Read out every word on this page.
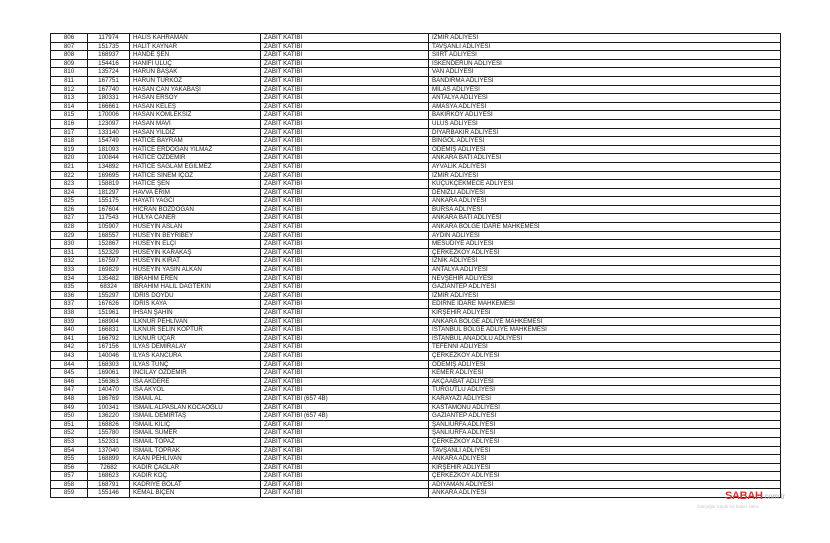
806	117974	HALİS KAHRAMAN	ZABIT KATİBİ	İZMİR ADLİYESİ
807	151735	HALİT KAYNAR	ZABIT KATİBİ	TAVŞANLI ADLİYESİ
808	168937	HANDE ŞEN	ZABIT KATİBİ	SİİRT ADLİYESİ
809	154416	HANİFİ ULUÇ	ZABIT KATİBİ	İSKENDERUN ADLİYESİ
810	135724	HARUN BAŞAK	ZABIT KATİBİ	VAN ADLİYESİ
811	167751	HARUN TÜRKÖZ	ZABIT KATİBİ	BANDIRMA ADLİYESİ
812	167740	HASAN CAN YAKABAŞI	ZABIT KATİBİ	MİLAS ADLİYESİ
813	180331	HASAN ERSOY	ZABIT KATİBİ	ANTALYA ADLİYESİ
814	166661	HASAN KELEŞ	ZABIT KATİBİ	AMASYA ADLİYESİ
815	170006	HASAN KÖMLEKSİZ	ZABIT KATİBİ	BAKIRKÖY ADLİYESİ
816	123097	HASAN MAVİ	ZABIT KATİBİ	ULUS ADLİYESİ
817	133140	HASAN YILDIZ	ZABIT KATİBİ	DİYARBAKIR ADLİYESİ
818	154749	HATİCE BAYRAM	ZABIT KATİBİ	BİNGÖL ADLİYESİ
819	181093	HATİCE ERDOĞAN YILMAZ	ZABIT KATİBİ	ÖDEMİŞ ADLİYESİ
820	100844	HATİCE ÖZDEMİR	ZABIT KATİBİ	ANKARA BATI ADLİYESİ
821	134892	HATİCE SAĞLAM EĞİLMEZ	ZABIT KATİBİ	AYVALIK ADLİYESİ
822	169695	HATİCE SİNEM İÇÖZ	ZABIT KATİBİ	İZMİR ADLİYESİ
823	158819	HATİCE ŞEN	ZABIT KATİBİ	KÜÇÜKÇEKMECE ADLİYESİ
824	181297	HAVVA ERİM	ZABIT KATİBİ	DENİZLİ ADLİYESİ
825	155175	HAYATİ YAĞCI	ZABIT KATİBİ	ANKARA ADLİYESİ
826	167604	HİCRAN BOZDOĞAN	ZABIT KATİBİ	BURSA ADLİYESİ
827	117543	HÜLYA CANER	ZABIT KATİBİ	ANKARA BATI ADLİYESİ
828	105907	HÜSEYİN ASLAN	ZABIT KATİBİ	ANKARA BÖLGE İDARE MAHKEMESİ
829	168557	HÜSEYİN BEYRİBEY	ZABIT KATİBİ	AYDIN ADLİYESİ
830	152867	HÜSEYİN ELÇİ	ZABIT KATİBİ	MESUDİYE ADLİYESİ
831	152329	HÜSEYİN KARAKAŞ	ZABIT KATİBİ	ÇERKEZKÖY ADLİYESİ
832	167597	HÜSEYİN KIRAT	ZABIT KATİBİ	İZNİK ADLİYESİ
833	169829	HÜSEYİN YASİN ALKAN	ZABIT KATİBİ	ANTALYA ADLİYESİ
834	135482	İBRAHİM EREN	ZABIT KATİBİ	NEVŞEHİR ADLİYESİ
835	68324	İBRAHİM HALİL DAĞTEKİN	ZABIT KATİBİ	GAZİANTEP ADLİYESİ
836	155297	İDRİS DOYDU	ZABIT KATİBİ	İZMİR ADLİYESİ
837	167626	İDRİS KAYA	ZABIT KATİBİ	EDİRNE İDARE MAHKEMESİ
838	151961	İHSAN ŞAHİN	ZABIT KATİBİ	KIRŞEHİR ADLİYESİ
839	168904	İLKNUR PEHLİVAN	ZABIT KATİBİ	ANKARA BÖLGE ADLİYE MAHKEMESİ
840	166831	İLKNUR SELİN KOPTUR	ZABIT KATİBİ	İSTANBUL BÖLGE ADLİYE MAHKEMESİ
841	166792	İLKNUR UÇAR	ZABIT KATİBİ	İSTANBUL ANADOLU ADLİYESİ
842	167156	İLYAS DEMİRALAY	ZABIT KATİBİ	TEFENNİ ADLİYESİ
843	140046	İLYAS KANCURA	ZABIT KATİBİ	ÇERKEZKÖY ADLİYESİ
844	168303	İLYAS TUNÇ	ZABIT KATİBİ	ÖDEMİŞ ADLİYESİ
845	169061	İNCİLAY ÖZDEMİR	ZABIT KATİBİ	KEMER ADLİYESİ
846	156363	İSA AKDERE	ZABIT KATİBİ	AKÇAABAT ADLİYESİ
847	140470	İSA AKYOL	ZABIT KATİBİ	TURGUTLU ADLİYESİ
848	186769	İSMAİL AL	ZABIT KATİBİ (657 4B)	KARAYAZI ADLİYESİ
849	100341	İSMAİL ALPASLAN KOCAOĞLU	ZABIT KATİBİ	KASTAMONU ADLİYESİ
850	136220	İSMAİL DEMİRTAŞ	ZABIT KATİBİ (657 4B)	GAZİANTEP ADLİYESİ
851	168826	İSMAİL KILIÇ	ZABIT KATİBİ	ŞANLIURFA ADLİYESİ
852	155780	İSMAİL SÜMER	ZABIT KATİBİ	ŞANLIURFA ADLİYESİ
853	152331	İSMAİL TOPAZ	ZABIT KATİBİ	ÇERKEZKÖY ADLİYESİ
854	137040	İSMAİL TOPRAK	ZABIT KATİBİ	TAVŞANLI ADLİYESİ
855	168899	KAAN PEHLİVAN	ZABIT KATİBİ	ANKARA ADLİYESİ
856	72682	KADİR ÇAĞLAR	ZABIT KATİBİ	KIRŞEHİR ADLİYESİ
857	168623	KADİR KOÇ	ZABIT KATİBİ	ÇERKEZKÖY ADLİYESİ
858	168791	KADRİYE BOLAT	ZABIT KATİBİ	ADIYAMAN ADLİYESİ
859	155146	KEMAL BİÇEN	ZABIT KATİBİ	ANKARA ADLİYESİ	SABAH.com.tr
Gerçeğin izinde bir haber sitesi
